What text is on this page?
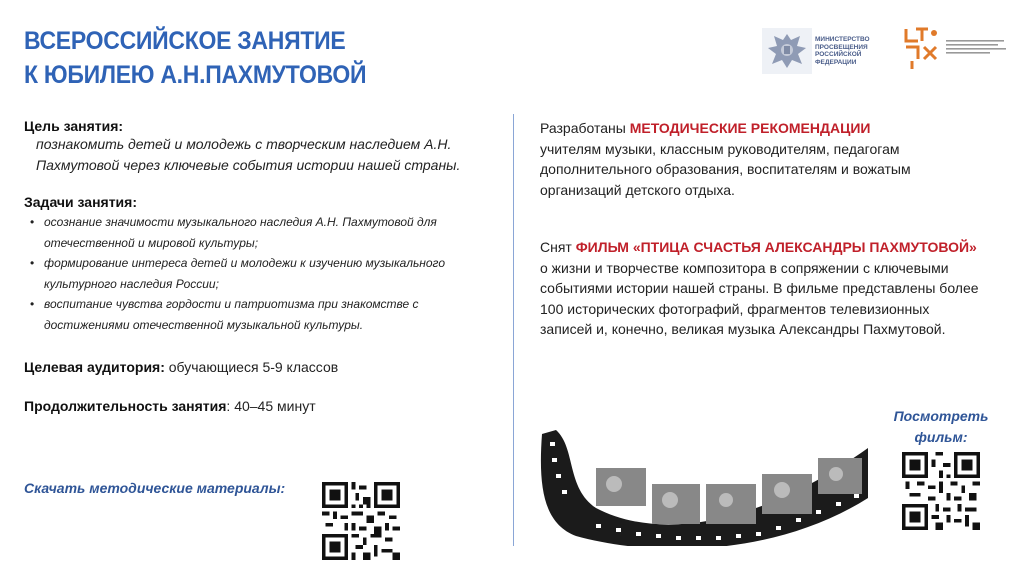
ВСЕРОССИЙСКОЕ ЗАНЯТИЕ
К ЮБИЛЕЮ А.Н.ПАХМУТОВОЙ
МИНИСТЕРСТВО
ПРОСВЕЩЕНИЯ
РОССИЙСКОЙ
ФЕДЕРАЦИИ
Цель занятия:
познакомить детей и молодежь с творческим наследием А.Н. Пахмутовой через ключевые события истории нашей страны.
Задачи занятия:
• осознание значимости музыкального наследия А.Н. Пахмутовой для отечественной и мировой культуры;
• формирование интереса детей и молодежи к изучению музыкального культурного наследия России;
• воспитание чувства гордости и патриотизма при знакомстве с достижениями отечественной музыкальной культуры.
Целевая аудитория: обучающиеся 5-9 классов
Продолжительность занятия: 40–45 минут
Скачать методические материалы:
Разработаны МЕТОДИЧЕСКИЕ РЕКОМЕНДАЦИИ
учителям музыки, классным руководителям, педагогам дополнительного образования, воспитателям и вожатым организаций детского отдыха.
Снят ФИЛЬМ «ПТИЦА СЧАСТЬЯ АЛЕКСАНДРЫ ПАХМУТОВОЙ»
о жизни и творчестве композитора в сопряжении с ключевыми событиями истории нашей страны. В фильме представлены более 100 исторических фотографий, фрагментов телевизионных записей и, конечно, великая музыка Александры Пахмутовой.
Посмотреть фильм:
